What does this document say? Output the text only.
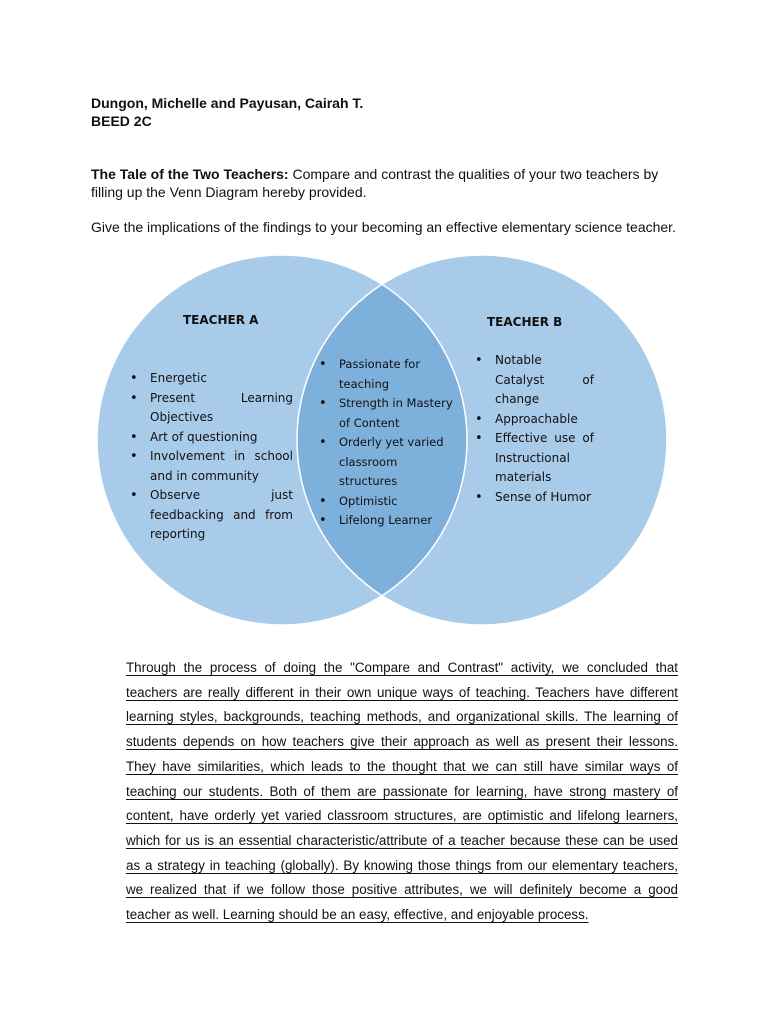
Dungon, Michelle and Payusan, Cairah T.
BEED 2C
The Tale of the Two Teachers: Compare and contrast the qualities of your two teachers by filling up the Venn Diagram hereby provided.
Give the implications of the findings to your becoming an effective elementary science teacher.
TEACHER A	TEACHER B
• Energetic
• Present Learning Objectives
• Art of questioning
• Involvement in school and in community
• Observe just feedbacking and from reporting
• Passionate for teaching
• Strength in Mastery of Content
• Orderly yet varied classroom structures
• Optimistic
• Lifelong Learner
• Notable Catalyst of change
• Approachable
• Effective use of Instructional materials
• Sense of Humor
Through the process of doing the "Compare and Contrast" activity, we concluded that teachers are really different in their own unique ways of teaching. Teachers have different learning styles, backgrounds, teaching methods, and organizational skills. The learning of students depends on how teachers give their approach as well as present their lessons. They have similarities, which leads to the thought that we can still have similar ways of teaching our students. Both of them are passionate for learning, have strong mastery of content, have orderly yet varied classroom structures, are optimistic and lifelong learners, which for us is an essential characteristic/attribute of a teacher because these can be used as a strategy in teaching (globally). By knowing those things from our elementary teachers, we realized that if we follow those positive attributes, we will definitely become a good teacher as well. Learning should be an easy, effective, and enjoyable process.
